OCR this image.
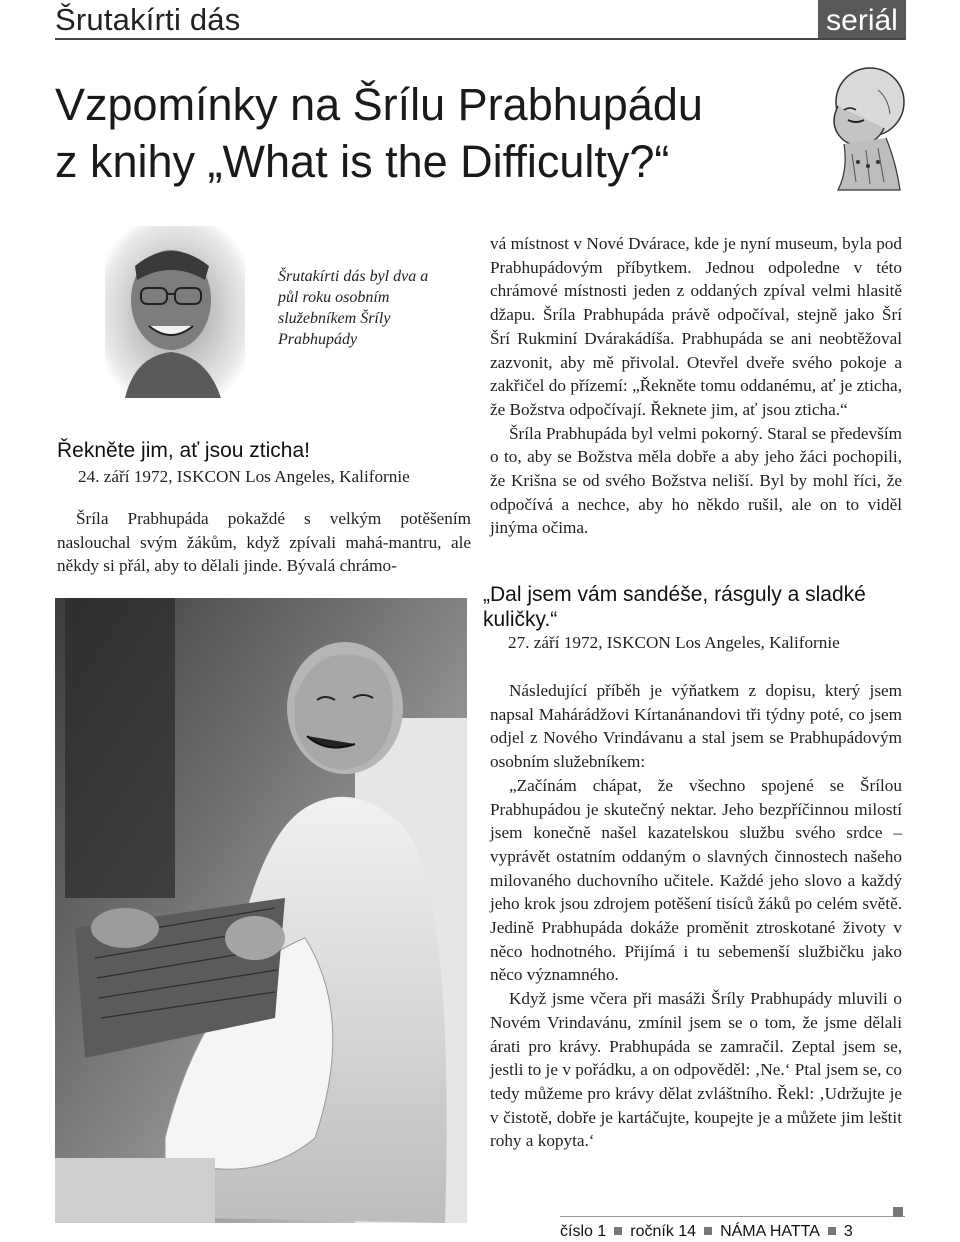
Šrutakírti dás	seriál
Vzpomínky na Šrílu Prabhupádu
z knihy „What is the Difficulty?“
Šrutakírti dás byl dva a půl roku osobním služebníkem Šríly Prabhupády
Řekněte jim, ať jsou zticha!
24. září 1972, ISKCON Los Angeles, Kalifornie

Šríla Prabhupáda pokaždé s velkým potěšením naslouchal svým žákům, když zpívali mahá-mantru, ale někdy si přál, aby to dělali jinde. Bývalá chrámo-

vá místnost v Nové Dvárace, kde je nyní museum, byla pod Prabhupádovým příbytkem. Jednou odpoledne v této chrámové místnosti jeden z oddaných zpíval velmi hlasitě džapu. Šríla Prabhupáda právě odpočíval, stejně jako Šrí Šrí Rukminí Dvárakádíša. Prabhupáda se ani neobtěžoval zazvonit, aby mě přivolal. Otevřel dveře svého pokoje a zakřičel do přízemí: „Řekněte tomu oddanému, ať je zticha, že Božstva odpočívají. Řeknete jim, ať jsou zticha.“

Šríla Prabhupáda byl velmi pokorný. Staral se především o to, aby se Božstva měla dobře a aby jeho žáci pochopili, že Krišna se od svého Božstva neliší. Byl by mohl říci, že odpočívá a nechce, aby ho někdo rušil, ale on to viděl jinýma očima.

„Dal jsem vám sandéše, rásguly a sladké kuličky.“
27. září 1972, ISKCON Los Angeles, Kalifornie

Následující příběh je výňatkem z dopisu, který jsem napsal Mahárádžovi Kírtanánandovi tři týdny poté, co jsem odjel z Nového Vrindávanu a stal jsem se Prabhupádovým osobním služebníkem:

„Začínám chápat, že všechno spojené se Šrílou Prabhupádou je skutečný nektar. Jeho bezpříčinnou milostí jsem konečně našel kazatelskou službu svého srdce – vyprávět ostatním oddaným o slavných činnostech našeho milovaného duchovního učitele. Každé jeho slovo a každý jeho krok jsou zdrojem potěšení tisíců žáků po celém světě. Jedině Prabhupáda dokáže proměnit ztroskotané životy v něco hodnotného. Přijímá i tu sebemenší službičku jako něco významného.

Když jsme včera při masáži Šríly Prabhupády mluvili o Novém Vrindavánu, zmínil jsem se o tom, že jsme dělali árati pro krávy. Prabhupáda se zamračil. Zeptal jsem se, jestli to je v pořádku, a on odpověděl: ‚Ne.‘ Ptal jsem se, co tedy můžeme pro krávy dělat zvláštního. Řekl: ‚Udržujte je v čistotě, dobře je kartáčujte, koupejte je a můžete jim leštit rohy a kopyta.‘

číslo 1 ročník 14 NÁMA HATTA 3
